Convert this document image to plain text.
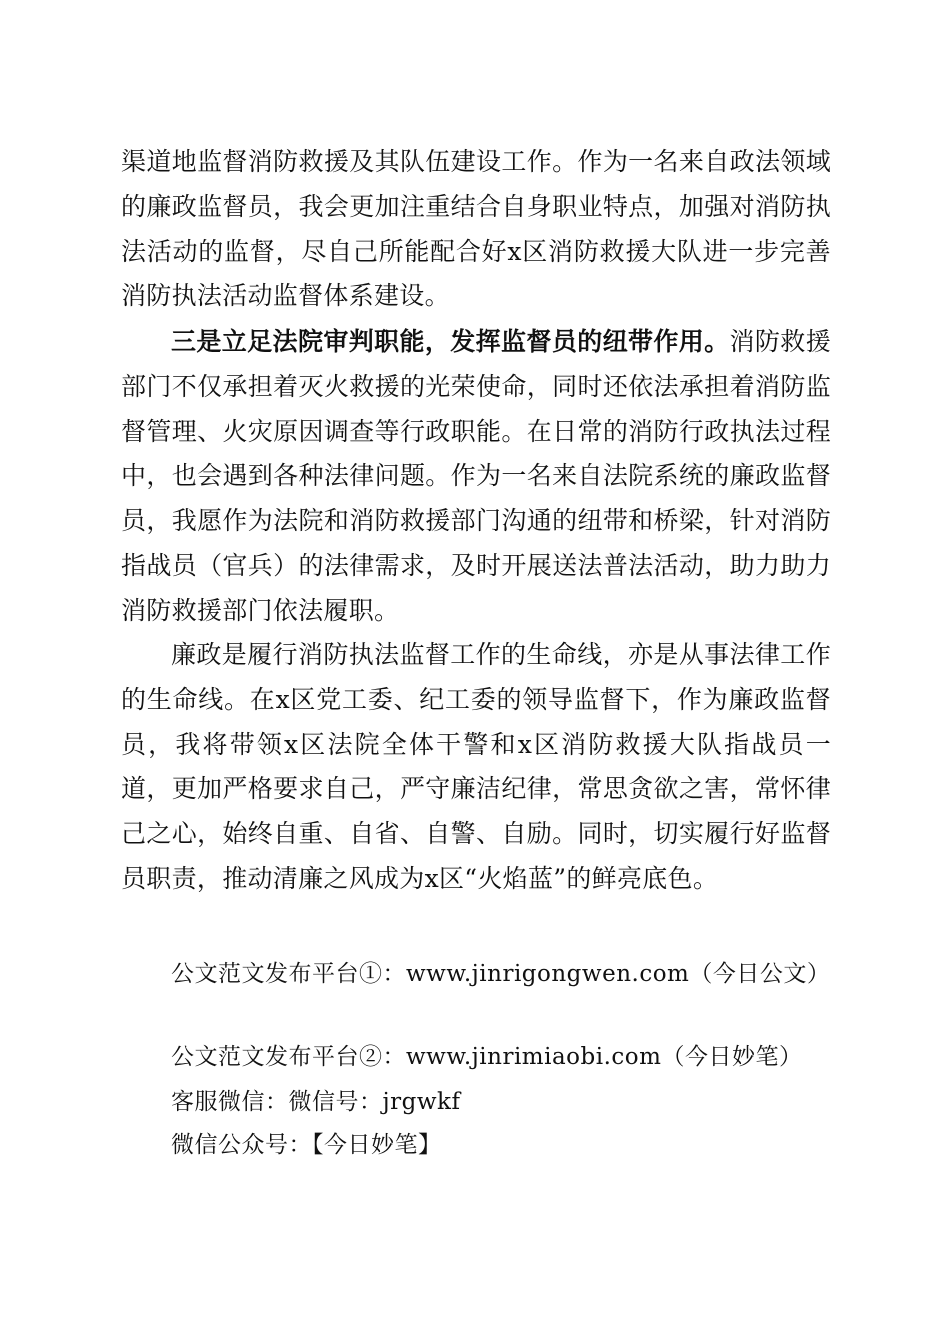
渠道地监督消防救援及其队伍建设工作。作为一名来自政法领域的廉政监督员，我会更加注重结合自身职业特点，加强对消防执法活动的监督，尽自己所能配合好x区消防救援大队进一步完善消防执法活动监督体系建设。

三是立足法院审判职能，发挥监督员的纽带作用。消防救援部门不仅承担着灭火救援的光荣使命，同时还依法承担着消防监督管理、火灾原因调查等行政职能。在日常的消防行政执法过程中，也会遇到各种法律问题。作为一名来自法院系统的廉政监督员，我愿作为法院和消防救援部门沟通的纽带和桥梁，针对消防指战员（官兵）的法律需求，及时开展送法普法活动，助力助力消防救援部门依法履职。

廉政是履行消防执法监督工作的生命线，亦是从事法律工作的生命线。在x区党工委、纪工委的领导监督下，作为廉政监督员，我将带领x区法院全体干警和x区消防救援大队指战员一道，更加严格要求自己，严守廉洁纪律，常思贪欲之害，常怀律己之心，始终自重、自省、自警、自励。同时，切实履行好监督员职责，推动清廉之风成为x区“火焰蓝”的鲜亮底色。

公文范文发布平台①：www.jinrigongwen.com（今日公文）

公文范文发布平台②：www.jinrimiaobi.com（今日妙笔）

客服微信：微信号：jrgwkf

微信公众号：【今日妙笔】
